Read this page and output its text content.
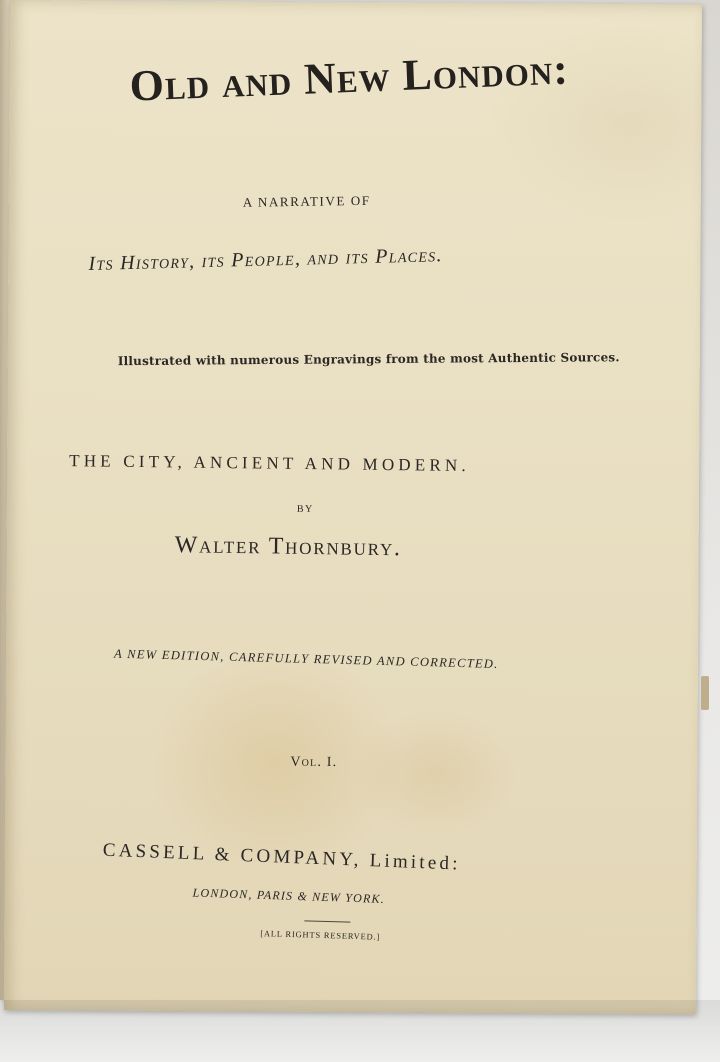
Old and New London:
A NARRATIVE OF
Its History, its People, and its Places.
Illustrated with numerous Engravings from the most Authentic Sources.
THE CITY, ANCIENT AND MODERN.
BY
Walter Thornbury.
A NEW EDITION, CAREFULLY REVISED AND CORRECTED.
Vol. I.
CASSELL & COMPANY, Limited:
LONDON, PARIS & NEW YORK.
[ALL RIGHTS RESERVED.]
